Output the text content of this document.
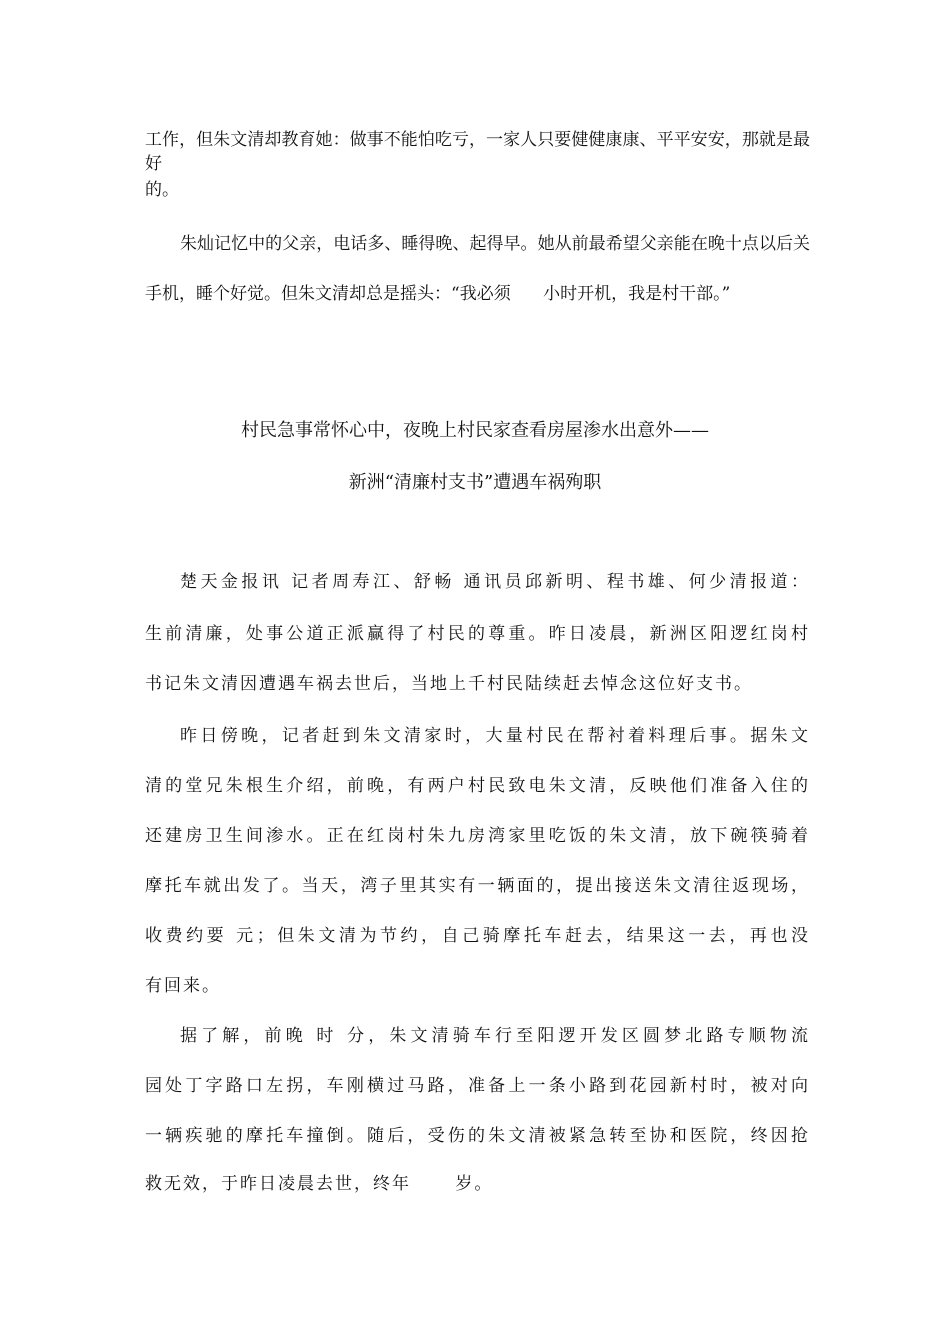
工作，但朱文清却教育她：做事不能怕吃亏，一家人只要健健康康、平平安安，那就是最好
的。
朱灿记忆中的父亲，电话多、睡得晚、起得早。她从前最希望父亲能在晚十点以后关
手机，睡个好觉。但朱文清却总是摇头：“我必须      小时开机，我是村干部。”
村民急事常怀心中，夜晚上村民家查看房屋渗水出意外——
新洲“清廉村支书”遭遇车祸殉职
楚天金报讯 记者周寿江、舒畅 通讯员邱新明、程书雄、何少清报道：
生前清廉，处事公道正派赢得了村民的尊重。昨日凌晨，新洲区阳逻红岗村
书记朱文清因遭遇车祸去世后，当地上千村民陆续赶去悼念这位好支书。
昨日傍晚，记者赶到朱文清家时，大量村民在帮衬着料理后事。据朱文
清的堂兄朱根生介绍，前晚，有两户村民致电朱文清，反映他们准备入住的
还建房卫生间渗水。正在红岗村朱九房湾家里吃饭的朱文清，放下碗筷骑着
摩托车就出发了。当天，湾子里其实有一辆面的，提出接送朱文清往返现场，
收费约要 元；但朱文清为节约，自己骑摩托车赶去，结果这一去，再也没
有回来。
据了解，前晚 时 分，朱文清骑车行至阳逻开发区圆梦北路专顺物流
园处丁字路口左拐，车刚横过马路，准备上一条小路到花园新村时，被对向
一辆疾驰的摩托车撞倒。随后，受伤的朱文清被紧急转至协和医院，终因抢
救无效，于昨日凌晨去世，终年      岁。
